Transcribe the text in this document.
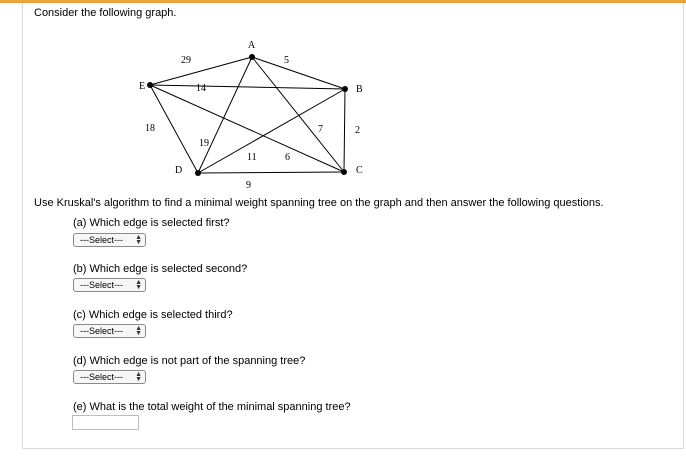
Consider the following graph.
A
B
C
D
E
29	5
14
18	2
9
19
6
11
7
Use Kruskal's algorithm to find a minimal weight spanning tree on the graph and then answer the following questions.
(a) Which edge is selected first?
---Select--- ▲
▼
(b) Which edge is selected second?
---Select--- ▲
▼
(c) Which edge is selected third?
---Select--- ▲
▼
(d) Which edge is not part of the spanning tree?
---Select--- ▲
▼
(e) What is the total weight of the minimal spanning tree?
